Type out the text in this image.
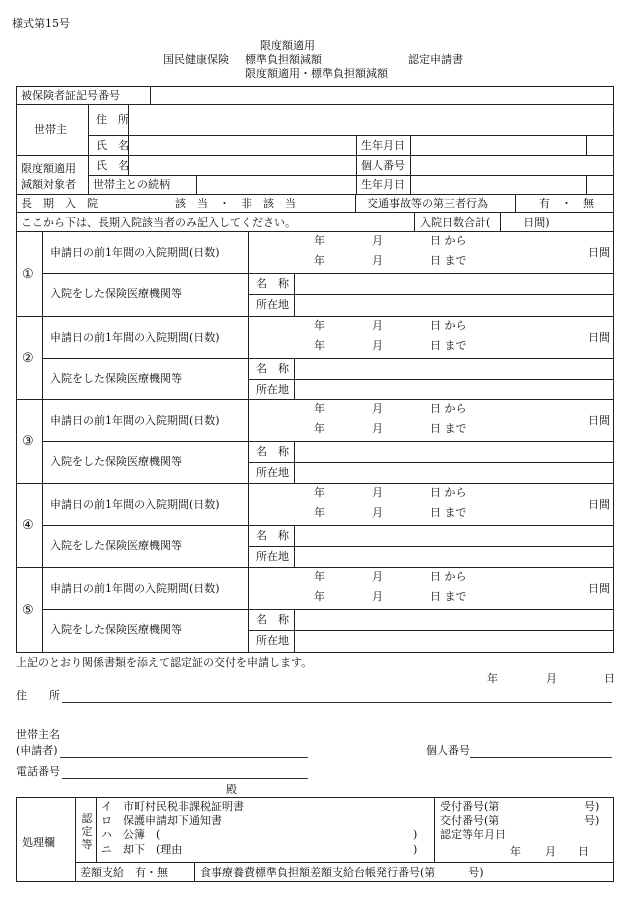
様式第15号
限度額適用
国民健康保険 標準負担額減額	認定申請書
限度額適用・標準負担額減額
被保険者証記号番号
世帯主
住　所
氏　名	生年月日
限度額適用
減額対象者
氏　名	個人番号
世帯主との続柄	生年月日
長　期　入　院	該　当　・　非　該　当	交通事故等の第三者行為	有　・　無
ここから下は、長期入院該当者のみ記入してください。	入院日数合計(　　　日間)
①
申請日の前1年間の入院期間(日数)
年	月	日 から
年	月	日 まで
日間
入院をした保険医療機関等
名　称
所在地
②
申請日の前1年間の入院期間(日数)
年	月	日 から
年	月	日 まで
日間
入院をした保険医療機関等
名　称
所在地
③
申請日の前1年間の入院期間(日数)
年	月	日 から
年	月	日 まで
日間
入院をした保険医療機関等
名　称
所在地
④
申請日の前1年間の入院期間(日数)
年	月	日 から
年	月	日 まで
日間
入院をした保険医療機関等
名　称
所在地
⑤
申請日の前1年間の入院期間(日数)
年	月	日 から
年	月	日 まで
日間
入院をした保険医療機関等
名　称
所在地
上記のとおり関係書類を添えて認定証の交付を申請します。
年	月	日
住　　所
世帯主名
(申請者)	個人番号
電話番号
殿
処理欄
認
定
等
イ　市町村民税非課税証明書
ロ　保護申請却下通知書
ハ　公簿　(	)
ニ　却下　(理由	)
受付番号(第	号)
交付番号(第	号)
認定等年月日
年 月 日
差額支給　有・無	食事療養費標準負担額差額支給台帳発行番号(第　　　号)
